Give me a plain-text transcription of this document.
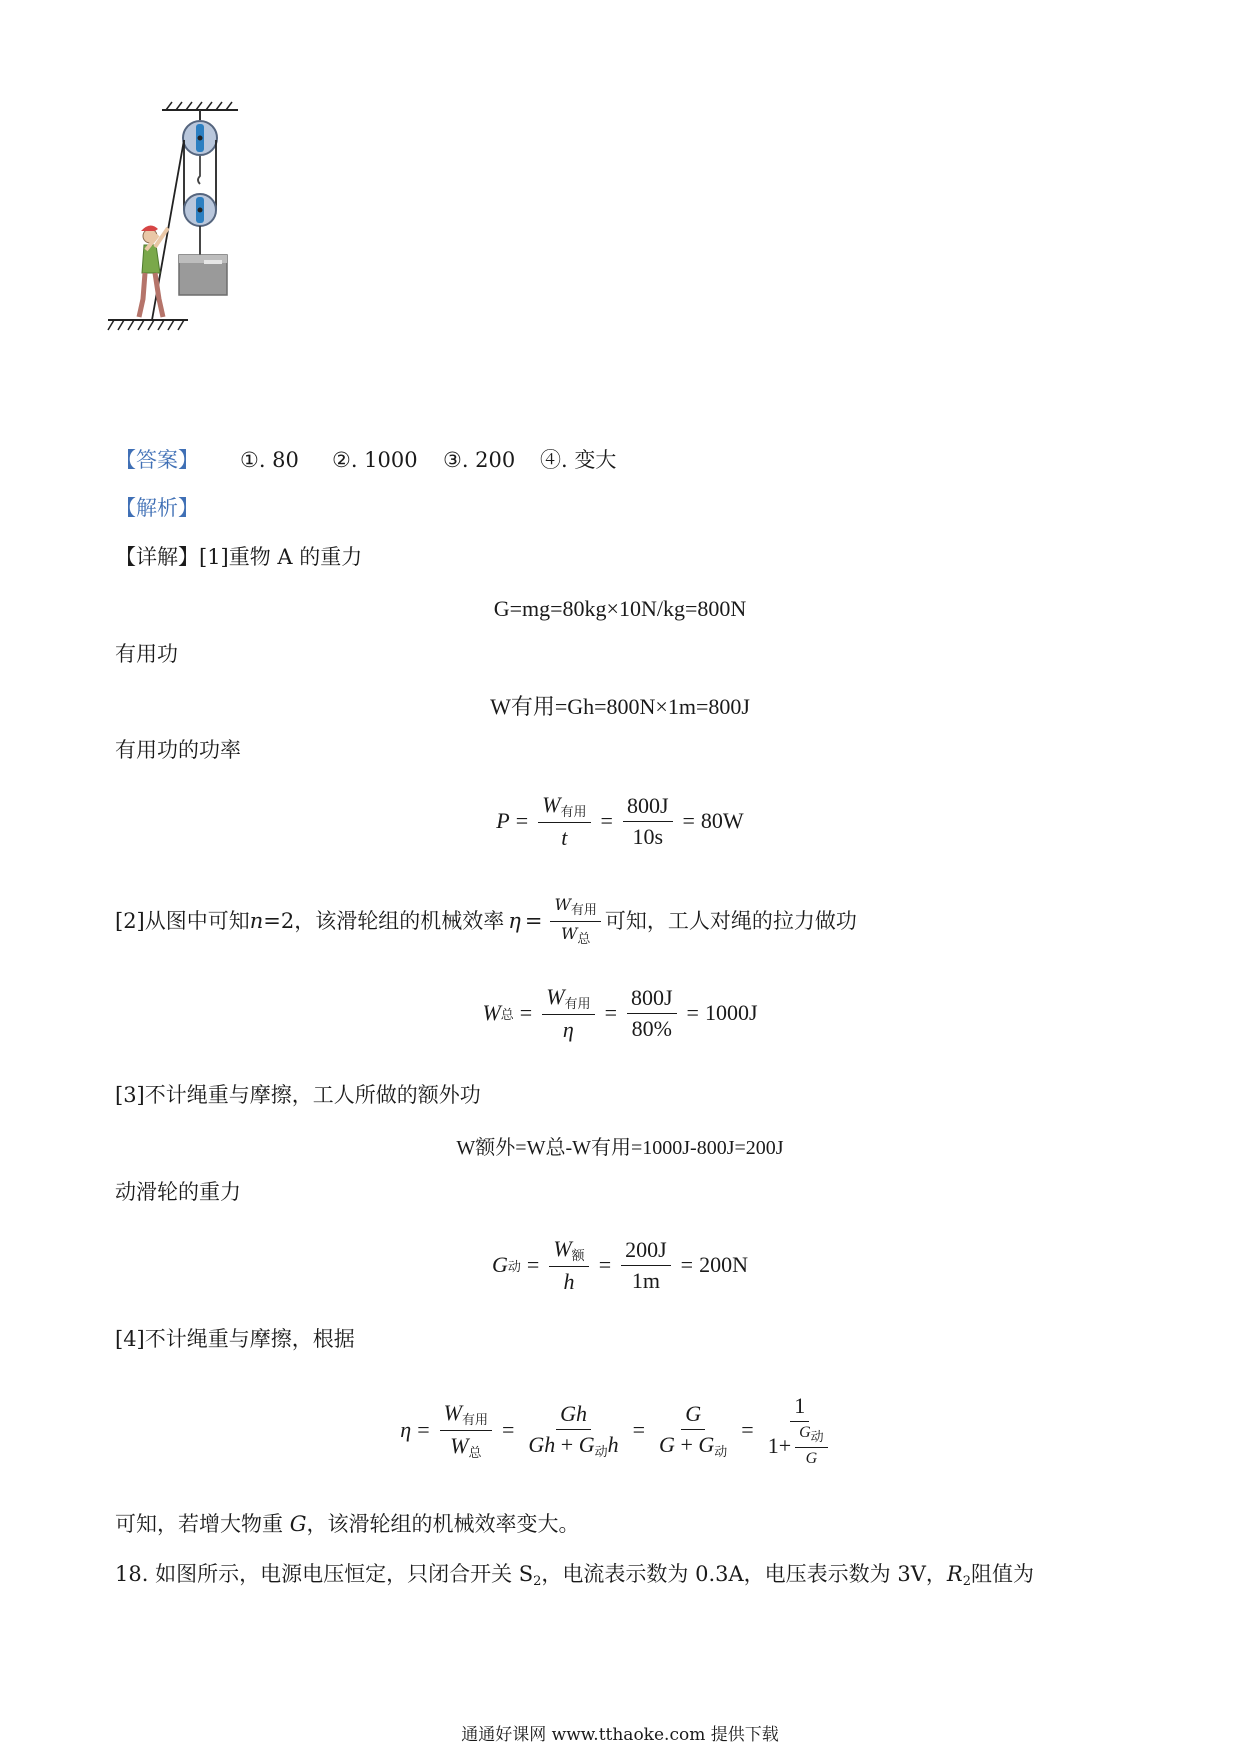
【答案】 ①. 80 ②. 1000 ③. 200 ④. 变大
【解析】
【详解】[1]重物 A 的重力
G=mg=80kg×10N/kg=800N
有用功
W有用=Gh=800N×1m=800J
有用功的功率
$P = \frac{W_{有用}}{t} = \frac{800J}{10s} = 80W$
[2]从图中可知 n =2，该滑轮组的机械效率 $\eta = \frac{W_{有用}}{W_总}$ 可知，工人对绳的拉力做功
W 总 = $\frac{W_{有用}}{\eta} = \frac{800J}{80\%} = 1000J$
[3]不计绳重与摩擦，工人所做的额外功
W额外=W总-W有用=1000J-800J=200J
动滑轮的重力
G 动 = $\frac{W_额}{h} = \frac{200J}{1m} = 200N$
[4]不计绳重与摩擦，根据
$\eta = \frac{W_{有用}}{W_总} = \frac{Gh}{Gh + G_动h} = \frac{G}{G + G_动} = \frac{1}{1+ \frac{G_动}{G}}$
可知，若增大物重 G，该滑轮组的机械效率变大。
18. 如图所示，电源电压恒定，只闭合开关 $S_2$，电流表示数为 0.3A，电压表示数为 3V，$R_2$阻值为
通通好课网 www.tthaoke.com 提供下载
